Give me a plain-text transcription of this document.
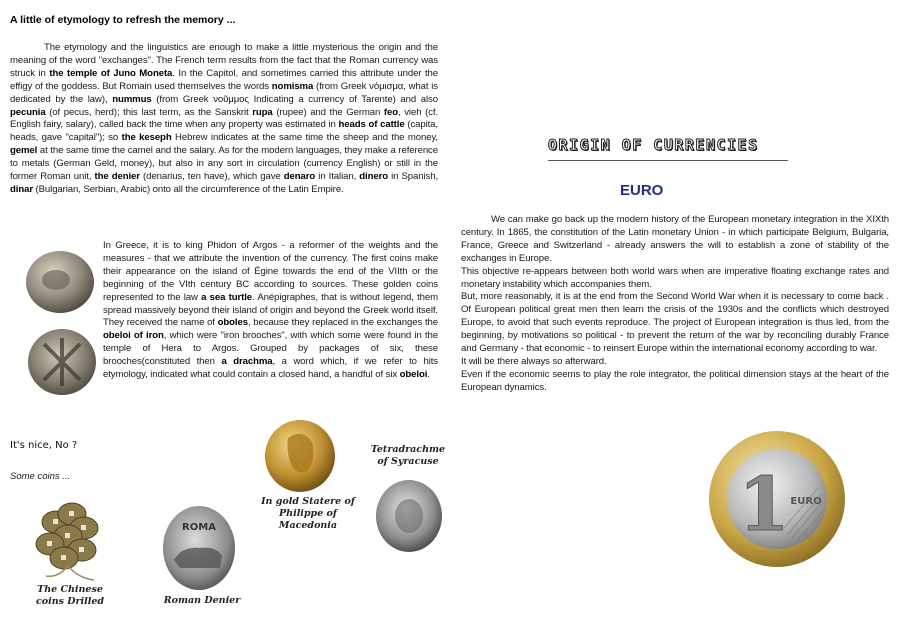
A little of etymology to refresh the memory ...
The etymology and the linguistics are enough to make a little mysterious the origin and the meaning of the word "exchanges". The French term results from the fact that the Roman currency was struck in the temple of Juno Moneta. In the Capitol, and sometimes carried this attribute under the effigy of the goddess. But Romain used themselves the words nomisma (from Greek νόμισμα, what is dedicated by the law), nummus (from Greek νοῦμμος Indicating a currency of Tarente) and also pecunia (of pecus, herd); this last term, as the Sanskrit rupa (rupee) and the German feo, vieh (cf. English fairy, salary), called back the time when any property was estimated in heads of cattle (capita, heads, gave "capital"); so the keseph Hebrew indicates at the same time the sheep and the money, gemel at the same time the camel and the salary. As for the modern languages, they make a reference to metals (German Geld, money), but also in any sort in circulation (currency English) or still in the former Roman unit, the denier (denarius, ten have), which gave denaro in Italian, dinero in Spanish, dinar (Bulgarian, Serbian, Arabic) onto all the circumference of the Latin Empire.
In Greece, it is to king Phidon of Argos - a reformer of the weights and the measures - that we attribute the invention of the currency. The first coins make their appearance on the island of Égine towards the end of the VIIth or the beginning of the VIth century BC according to sources. These golden coins represented to the law a sea turtle. Anépigraphes, that is without legend, them spread massively beyond their island of origin and beyond the Greek world itself. They received the name of oboles, because they replaced in the exchanges the obeloi of iron, which were "iron brooches", with which some were found in the temple of Hera to Argos. Grouped by packages of six, these brooches(constituted then a drachma, a word which, if we refer to hits etymology, indicated what could contain a closed hand, a handful of six obeloi.
It's nice, No ?
Some coins ...
The Chinese coins Drilled
ROMA
Roman Denier
In gold Statere of Philippe of Macedonia
Tetradrachme of Syracuse
ORIGIN OF CURRENCIES
EURO
We can make go back up the modern history of the European monetary integration in the XIXth century. In 1865, the constitution of the Latin monetary Union - in which participate Belgium, Bulgaria, France, Greece and Switzerland - already answers the will to establish a zone of stability of the exchanges in Europe.
This objective re-appears between both world wars when are imperative floating exchange rates and monetary instability which accompanies them.
But, more reasonably, it is at the end from the Second World War when it is necessary to come back . Of European political great men then learn the crisis of the 1930s and the conflicts which destroyed Europe, to avoid that such events reproduce. The project of European integration is thus led, from the beginning, by motivations so political - to prevent the return of the war by reconciling durably France and Germany - that economic - to reinsert Europe within the international economy according to war.
It will be there always so afterward.
Even if the economic seems to play the role integrator, the political dimension stays at the heart of the European dynamics.
1 EURO
